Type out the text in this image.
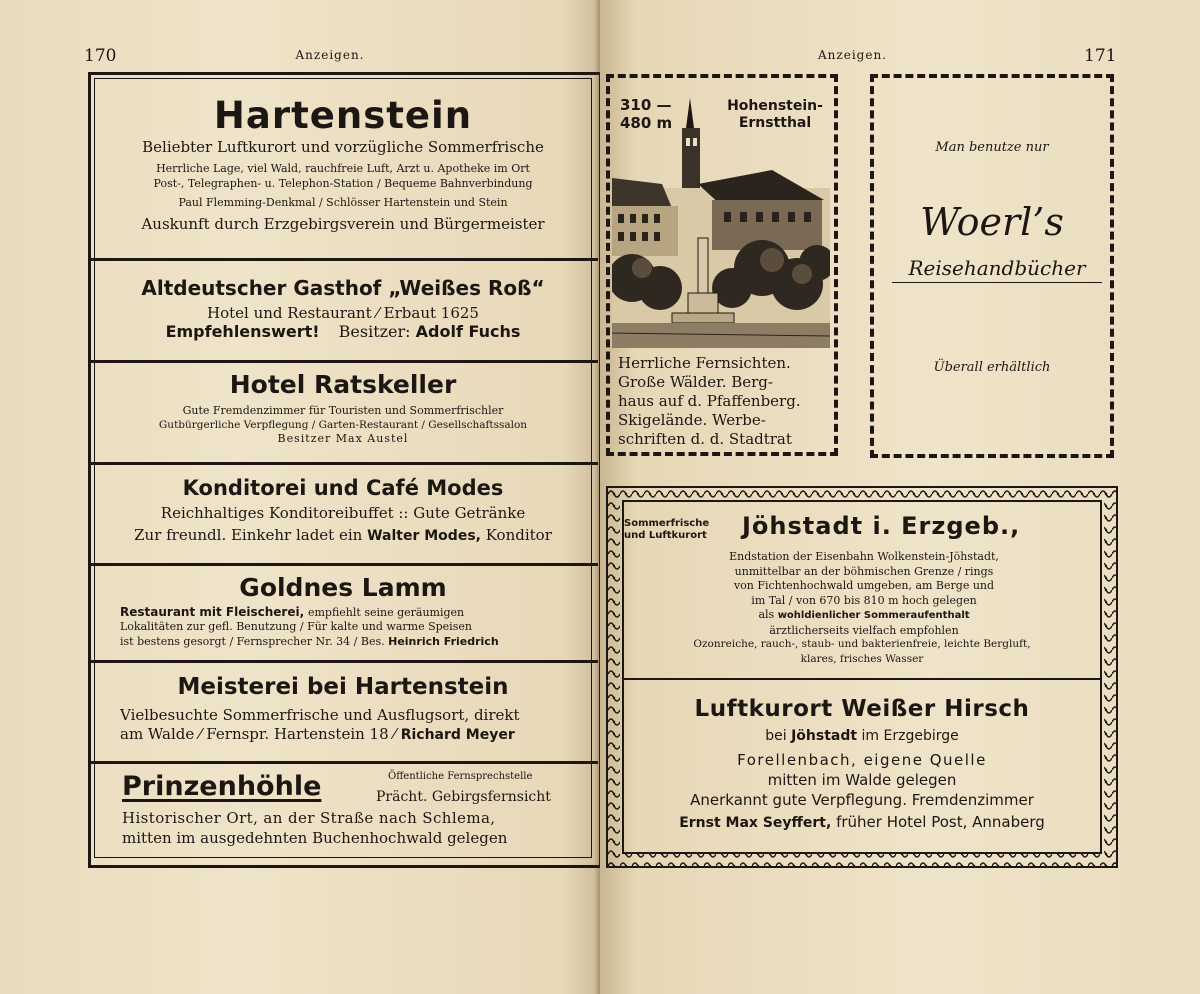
170	Anzeigen.
Hartenstein
Beliebter Luftkurort und vorzügliche Sommerfrische
Herrliche Lage, viel Wald, rauchfreie Luft, Arzt u. Apotheke im Ort
Post-, Telegraphen- u. Telephon-Station / Bequeme Bahnverbindung
Paul Flemming-Denkmal / Schlösser Hartenstein und Stein
Auskunft durch Erzgebirgsverein und Bürgermeister
Altdeutscher Gasthof „Weißes Roß“
Hotel und Restaurant ⁄ Erbaut 1625
Empfehlenswert! Besitzer: Adolf Fuchs
Hotel Ratskeller
Gute Fremdenzimmer für Touristen und Sommerfrischler
Gutbürgerliche Verpflegung / Garten-Restaurant / Gesellschaftssalon
Besitzer Max Austel
Konditorei und Café Modes
Reichhaltiges Konditoreibuffet :: Gute Getränke
Zur freundl. Einkehr ladet ein Walter Modes, Konditor
Goldnes Lamm
Restaurant mit Fleischerei, empfiehlt seine geräumigen
Lokalitäten zur gefl. Benutzung / Für kalte und warme Speisen
ist bestens gesorgt / Fernsprecher Nr. 34 / Bes. Heinrich Friedrich
Meisterei bei Hartenstein
Vielbesuchte Sommerfrische und Ausflugsort, direkt
am Walde ⁄ Fernspr. Hartenstein 18 ⁄ Richard Meyer
Prinzenhöhle	Öffentliche Fernsprechstelle
Prächt. Gebirgsfernsicht
Historischer Ort, an der Straße nach Schlema,
mitten im ausgedehnten Buchenhochwald gelegen
Anzeigen.	171
310 —
480 m
Hohenstein-
Ernstthal
Herrliche Fernsichten.
Große Wälder. Berg-
haus auf d. Pfaffenberg.
Skigelände. Werbe-
schriften d. d. Stadtrat
Man benutze nur
Woerl’s
Reisehandbücher
Überall erhältlich
Sommerfrische
und Luftkurort Jöhstadt i. Erzgeb.,
Endstation der Eisenbahn Wolkenstein-Jöhstadt,
unmittelbar an der böhmischen Grenze / rings
von Fichtenhochwald umgeben, am Berge und
im Tal / von 670 bis 810 m hoch gelegen
als wohldienlicher Sommeraufenthalt
ärztlicherseits vielfach empfohlen
Ozonreiche, rauch-, staub- und bakterienfreie, leichte Bergluft,
klares, frisches Wasser
Luftkurort Weißer Hirsch
bei Jöhstadt im Erzgebirge
Forellenbach, eigene Quelle
mitten im Walde gelegen
Anerkannt gute Verpflegung. Fremdenzimmer
Ernst Max Seyffert, früher Hotel Post, Annaberg
